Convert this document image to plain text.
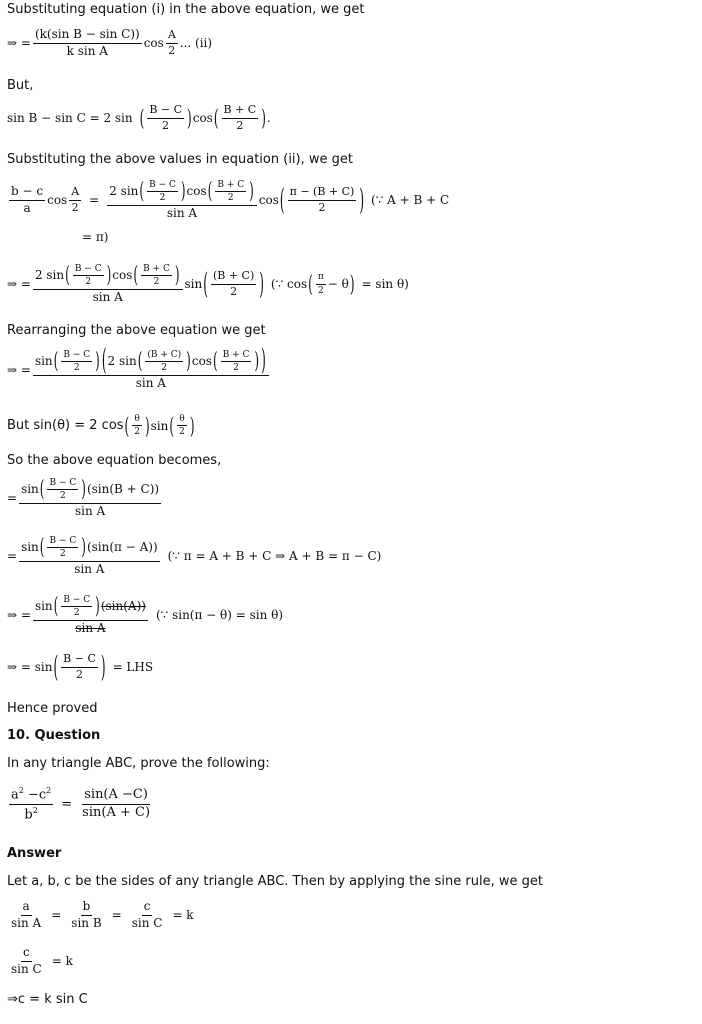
Substituting equation (i) in the above equation, we get
⇒ = $\frac{\text{(k(sin B − sin C))}}{\text{k sin A}}$ $\cos \frac{A}{2}$ ... (ii)
But,
sin B − sin C = 2 sin ( $\frac{B - C}{2}$ ) cos ( $\frac{B + C}{2}$ ) .
Substituting the above values in equation (ii), we get
$\frac{b - c}{a}$ $\cos \frac{A}{2}$ =
2 sin ( $\frac{B - C}{2}$ ) cos ( $\frac{B + C}{2}$ )
sin A
cos ( $\frac{\pi - (B + C)}{2}$ ) (∵ A + B + C
= π)
⇒ =
2 sin ( $\frac{B - C}{2}$ ) cos ( $\frac{B + C}{2}$ )
sin A
sin ( $\frac{(B + C)}{2}$ ) (∵ cos ( $\frac{\pi}{2} - \theta$ ) = sin θ)
Rearranging the above equation we get
⇒ =
sin ( $\frac{B - C}{2}$ ) ( 2 sin ( $\frac{(B + C)}{2}$ ) cos ( $\frac{B + C}{2}$ ) )
sin A
But sin(θ) = 2 cos ( $\frac{\theta}{2}$ ) sin ( $\frac{\theta}{2}$ )
So the above equation becomes,
=
sin ( $\frac{B - C}{2}$ ) (sin(B + C))
sin A
=
sin ( $\frac{B - C}{2}$ ) (sin(π − A))
sin A
(∵ π = A + B + C ⇒ A + B = π − C)
⇒ =
sin ( $\frac{B - C}{2}$ ) (sin(A))
sin A
(∵ sin(π − θ) = sin θ)
⇒ = sin ( $\frac{B - C}{2}$ ) = LHS
Hence proved
10. Question
In any triangle ABC, prove the following:
$\frac{a^2 -c^2}{b^2} = \frac{\sin(A -C)}{\sin(A + C)}$
Answer
Let a, b, c be the sides of any triangle ABC. Then by applying the sine rule, we get
$\frac{a}{\text{sin A}} = \frac{b}{\text{sin B}} = \frac{c}{\text{sin C}} = k$
$\frac{c}{\text{sin C}} = k$
⇒c = k sin C
